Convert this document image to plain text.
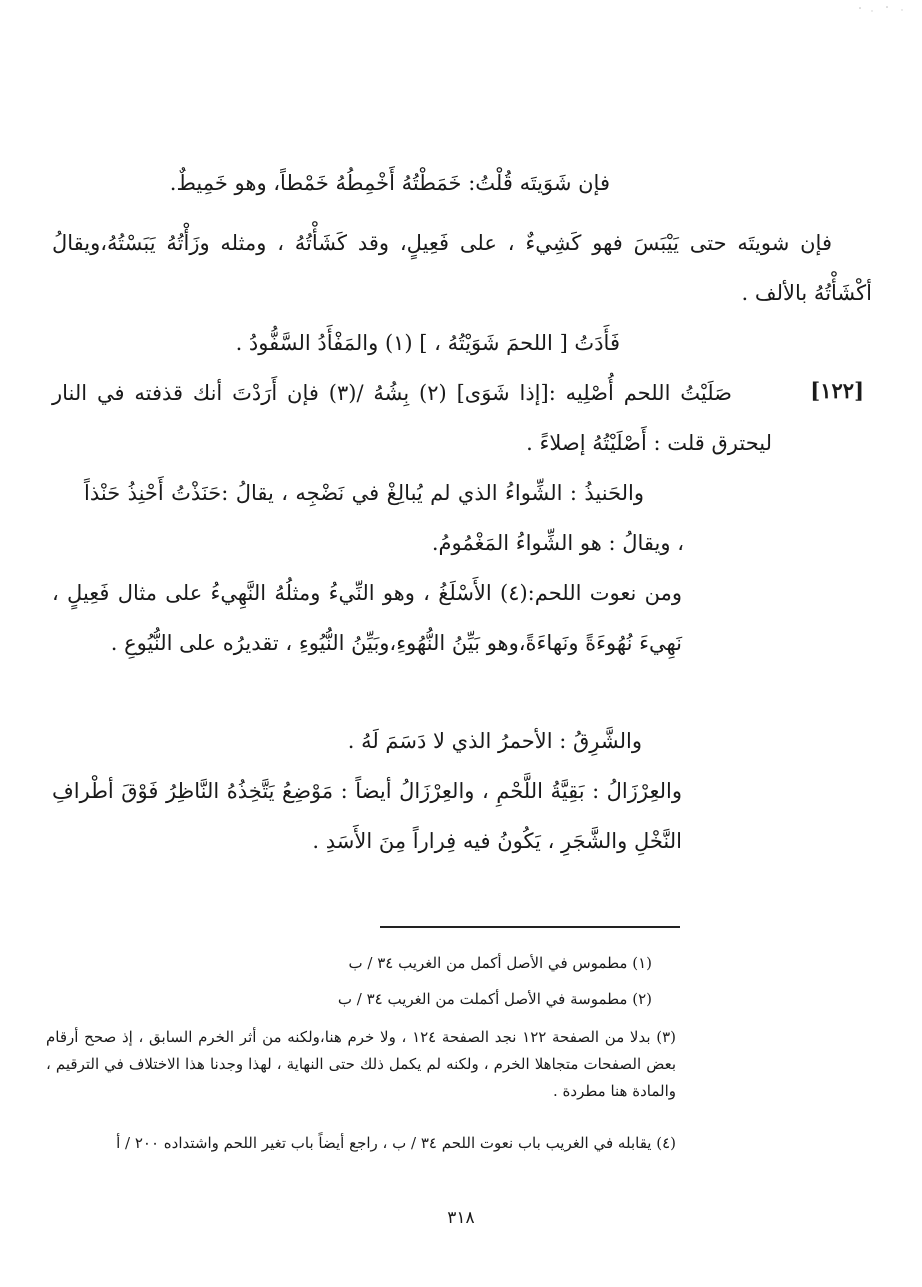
فإن شَوَيتَه قُلْتُ: خَمَطْتُهُ أَخْمِطُهُ خَمْطاً، وهو خَمِيطٌ.

فإن شويتَه حتى يَيْبَسَ فهو كَشِيءٌ ، على فَعِيلٍ، وقد كَشَأْتُهُ ، ومثله وزَأْتُهُ يَبَسْتُهُ،ويقالُ أكْشَأْتُهُ بالألف .

فَأَدَتُ [ اللحمَ شَوَيْتُهُ ، ] (١) والمَفْأَدُ السَّفُّودُ .

[١٢٢]

صَلَيْتُ اللحم أُصْلِيه :[إذا شَوَى] (٢) بِشُهُ /(٣) فإن أَرَدْتَ أنك قذفته في النار ليحترق قلت : أَصْلَيْتُهُ إصلاءً .

والحَنيذُ : الشِّواءُ الذي لم يُبالِغْ في نَضْجِه ، يقالُ :حَنَذْتُ أَحْنِذُ حَنْذاً ، ويقالُ : هو الشِّواءُ المَغْمُومُ.

ومن نعوت اللحم:(٤) الأَسْلَغُ ، وهو النِّيءُ ومثلُهُ النَّهِيءُ على مثال فَعِيلٍ ، نَهِيءَ نُهُوءَةً ونَهاءَةً،وهو بَيِّنُ النُّهُوءِ،وبَيِّنُ النُّيُوءِ ، تقديرُه على النُّيُوعِ .

والشَّرِقُ : الأحمرُ الذي لا دَسَمَ لَهُ .

والعِرْزَالُ : بَقِيَّةُ اللَّحْمِ ، والعِرْزَالُ أيضاً : مَوْضِعُ يَتَّخِذُهُ النَّاظِرُ فَوْقَ أطْرافِ النَّخْلِ والشَّجَرِ ، يَكُونُ فيه فِراراً مِنَ الأَسَدِ .

(١) مطموس في الأصل أكمل من الغريب ٣٤ / ب

(٢) مطموسة في الأصل أكملت من الغريب ٣٤ / ب

(٣) بدلا من الصفحة ١٢٢ نجد الصفحة ١٢٤ ، ولا خرم هنا،ولكنه من أثر الخرم السابق ، إذ صحح أرقام بعض الصفحات متجاهلا الخرم ، ولكنه لم يكمل ذلك حتى النهاية ، لهذا وجدنا هذا الاختلاف في الترقيم ، والمادة هنا مطردة .

(٤) يقابله في الغريب باب نعوت اللحم ٣٤ / ب ، راجع أيضاً باب تغير اللحم واشتداده ٢٠٠ / أ

٣١٨
